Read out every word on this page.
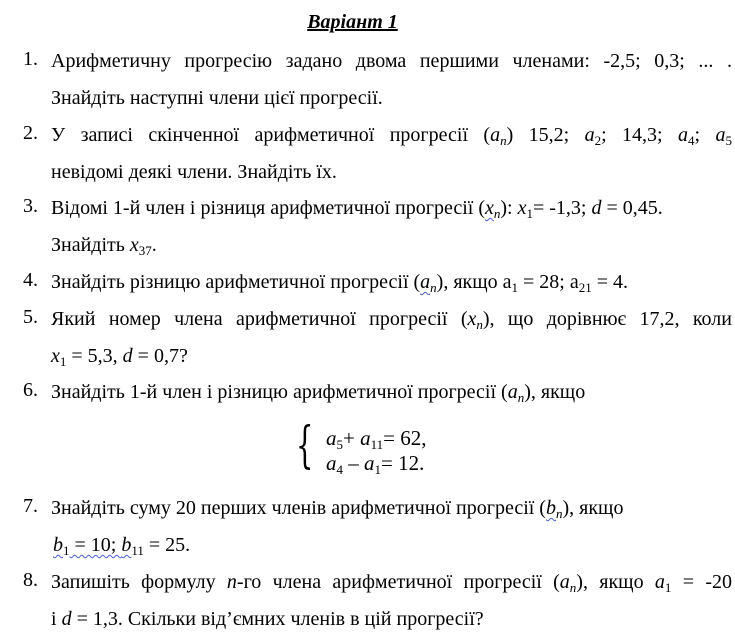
Варіант 1
1. Арифметичну прогресію задано двома першими членами: -2,5; 0,3; ... .
Знайдіть наступні члени цієї прогресії.
2. У записі скінченної арифметичної прогресії $(a_n)$ 15,2; $a_2$; 14,3; $a_4$; $a_5$
невідомі деякі члени. Знайдіть їх.
3. Відомі 1-й член і різниця арифметичної прогресії $(x_n)$: $x_1= -1,3$; d = 0,45.
Знайдіть $x_{37}$.
4. Знайдіть різницю арифметичної прогресії $(a_n)$, якщо $a_1 = 28$; $a_{21} = 4$.
5. Який номер члена арифметичної прогресії $(x_n)$, що дорівнює 17,2, коли
$x_1 = 5,3$, d = 0,7?
6. Знайдіть 1-й член і різницю арифметичної прогресії $(a_n)$, якщо
{ $a_5+ a_{11}= 62$,
$a_4 - a_1= 12$.
7. Знайдіть суму 20 перших членів арифметичної прогресії $(b_n)$, якщо
$b_1 = 10$; $b_{11} = 25$.
8. Запишіть формулу n-го члена арифметичної прогресії $(a_n)$, якщо $a_1 = -20$
і d = 1,3. Скільки від’ємних членів в цій прогресії?
